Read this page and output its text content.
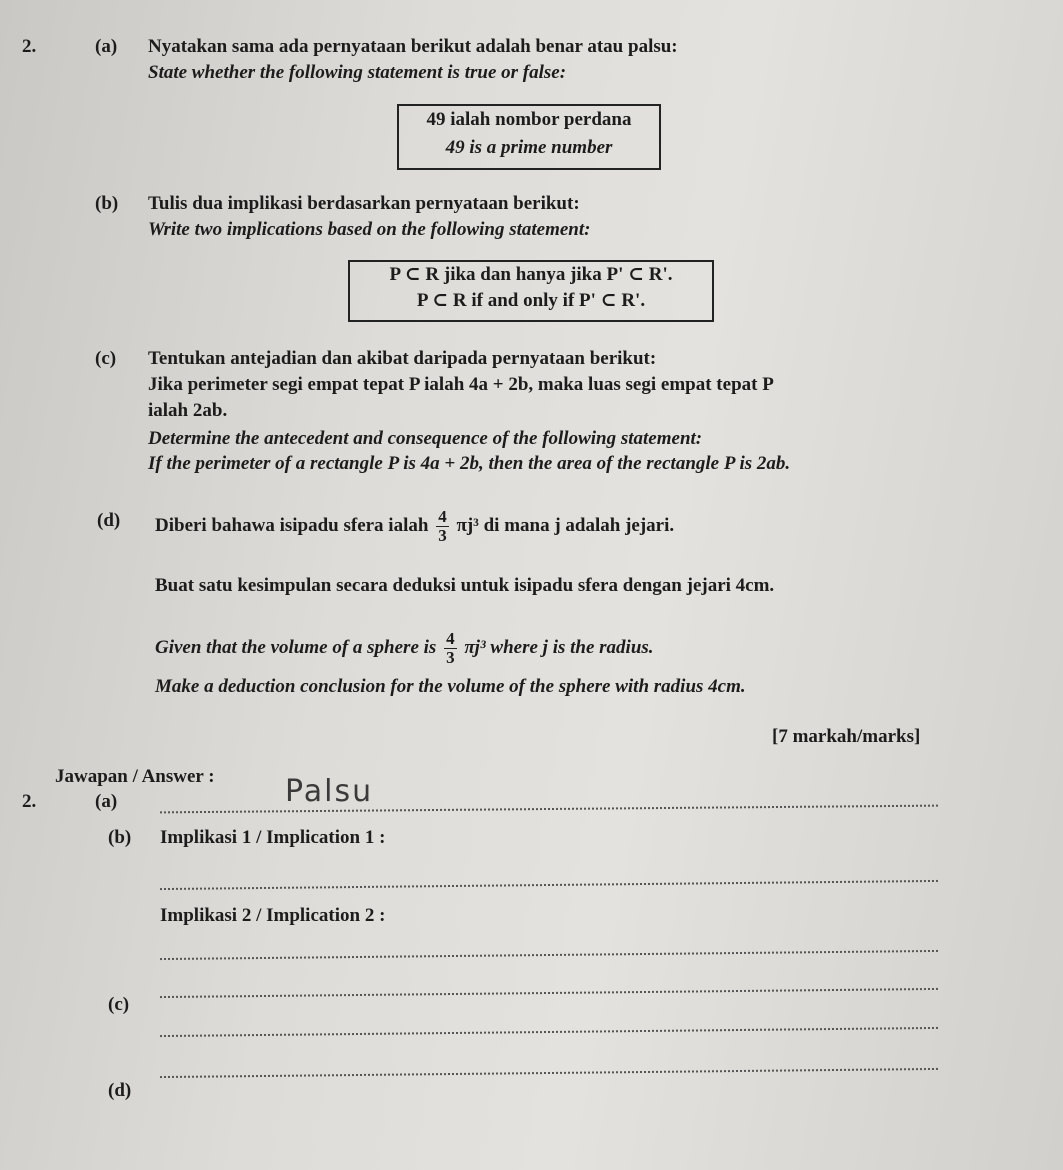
2.	(a) Nyatakan sama ada pernyataan berikut adalah benar atau palsu:
State whether the following statement is true or false:
49 ialah nombor perdana
49 is a prime number
(b) Tulis dua implikasi berdasarkan pernyataan berikut:
Write two implications based on the following statement:
P ⊂ R jika dan hanya jika P' ⊂ R'.
P ⊂ R if and only if P' ⊂ R'.
(c) Tentukan antejadian dan akibat daripada pernyataan berikut:
Jika perimeter segi empat tepat P ialah 4a + 2b, maka luas segi empat tepat P
ialah 2ab.
Determine the antecedent and consequence of the following statement:
If the perimeter of a rectangle P is 4a + 2b, then the area of the rectangle P is 2ab.
(d) Diberi bahawa isipadu sfera ialah $\frac{4}{3} \pi j^3$ di mana j adalah jejari.
Buat satu kesimpulan secara deduksi untuk isipadu sfera dengan jejari 4cm.
Given that the volume of a sphere is $\frac{4}{3} \pi j^3$ where j is the radius.
Make a deduction conclusion for the volume of the sphere with radius 4cm.
[7 markah/marks]
Jawapan / Answer :
2.	(a)	Palsu
(b) Implikasi 1 / Implication 1 :
Implikasi 2 / Implication 2 :
(c)
(d)
